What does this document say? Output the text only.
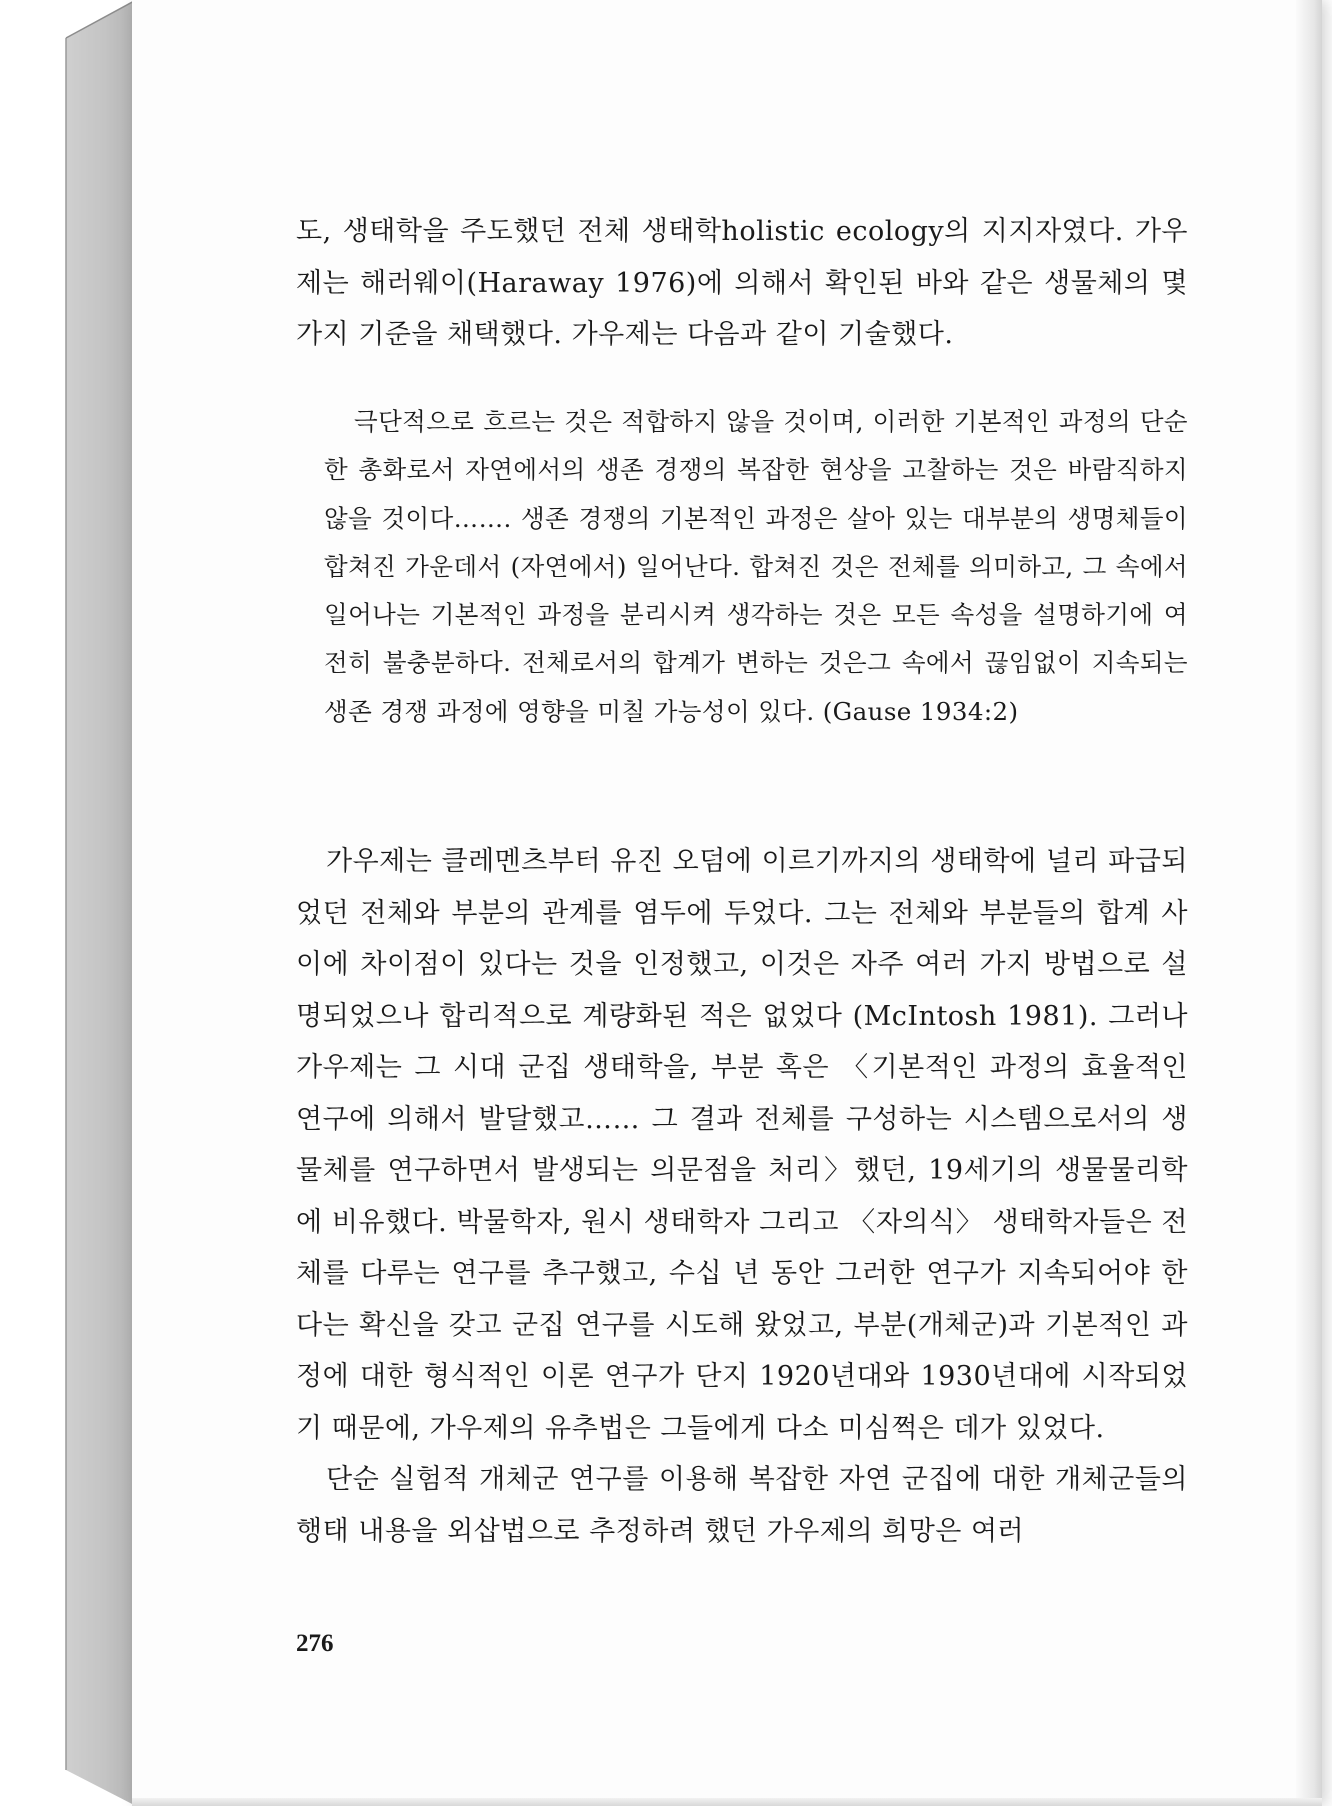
도, 생태학을 주도했던 전체 생태학holistic ecology의 지지자였다. 가우제는 해러웨이(Haraway 1976)에 의해서 확인된 바와 같은 생물체의 몇 가지 기준을 채택했다. 가우제는 다음과 같이 기술했다.

극단적으로 흐르는 것은 적합하지 않을 것이며, 이러한 기본적인 과정의 단순한 총화로서 자연에서의 생존 경쟁의 복잡한 현상을 고찰하는 것은 바람직하지 않을 것이다……. 생존 경쟁의 기본적인 과정은 살아 있는 대부분의 생명체들이 합쳐진 가운데서 (자연에서) 일어난다. 합쳐진 것은 전체를 의미하고, 그 속에서 일어나는 기본적인 과정을 분리시켜 생각하는 것은 모든 속성을 설명하기에 여전히 불충분하다. 전체로서의 합계가 변하는 것은그 속에서 끊임없이 지속되는 생존 경쟁 과정에 영향을 미칠 가능성이 있다. (Gause 1934:2)

가우제는 클레멘츠부터 유진 오덤에 이르기까지의 생태학에 널리 파급되었던 전체와 부분의 관계를 염두에 두었다. 그는 전체와 부분들의 합계 사이에 차이점이 있다는 것을 인정했고, 이것은 자주 여러 가지 방법으로 설명되었으나 합리적으로 계량화된 적은 없었다 (McIntosh 1981). 그러나 가우제는 그 시대 군집 생태학을, 부분 혹은 〈기본적인 과정의 효율적인 연구에 의해서 발달했고…… 그 결과 전체를 구성하는 시스템으로서의 생물체를 연구하면서 발생되는 의문점을 처리〉했던, 19세기의 생물물리학에 비유했다. 박물학자, 원시 생태학자 그리고 〈자의식〉 생태학자들은 전체를 다루는 연구를 추구했고, 수십 년 동안 그러한 연구가 지속되어야 한다는 확신을 갖고 군집 연구를 시도해 왔었고, 부분(개체군)과 기본적인 과정에 대한 형식적인 이론 연구가 단지 1920년대와 1930년대에 시작되었기 때문에, 가우제의 유추법은 그들에게 다소 미심쩍은 데가 있었다.

단순 실험적 개체군 연구를 이용해 복잡한 자연 군집에 대한 개체군들의 행태 내용을 외삽법으로 추정하려 했던 가우제의 희망은 여러

276
